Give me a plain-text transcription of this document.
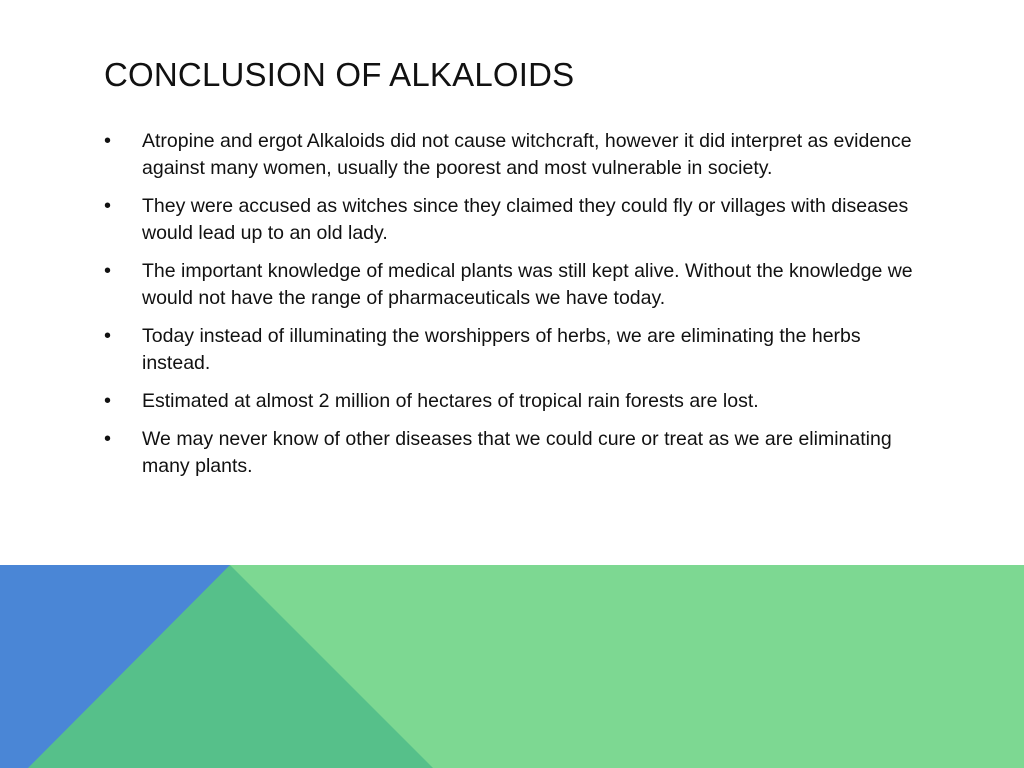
CONCLUSION OF ALKALOIDS
•	Atropine and ergot Alkaloids did not cause witchcraft, however it did interpret as evidence against many women, usually the poorest and most vulnerable in society.
•	They were accused as witches since they claimed they could fly or villages with diseases would lead up to an old lady.
•	The important knowledge of medical plants was still kept alive. Without the knowledge we would not have the range of pharmaceuticals we have today.
•	Today instead of illuminating the worshippers of herbs, we are eliminating the herbs instead.
•	Estimated at almost 2 million of hectares of tropical rain forests are lost.
•	We may never know of other diseases that we could cure or treat as we are eliminating many plants.
